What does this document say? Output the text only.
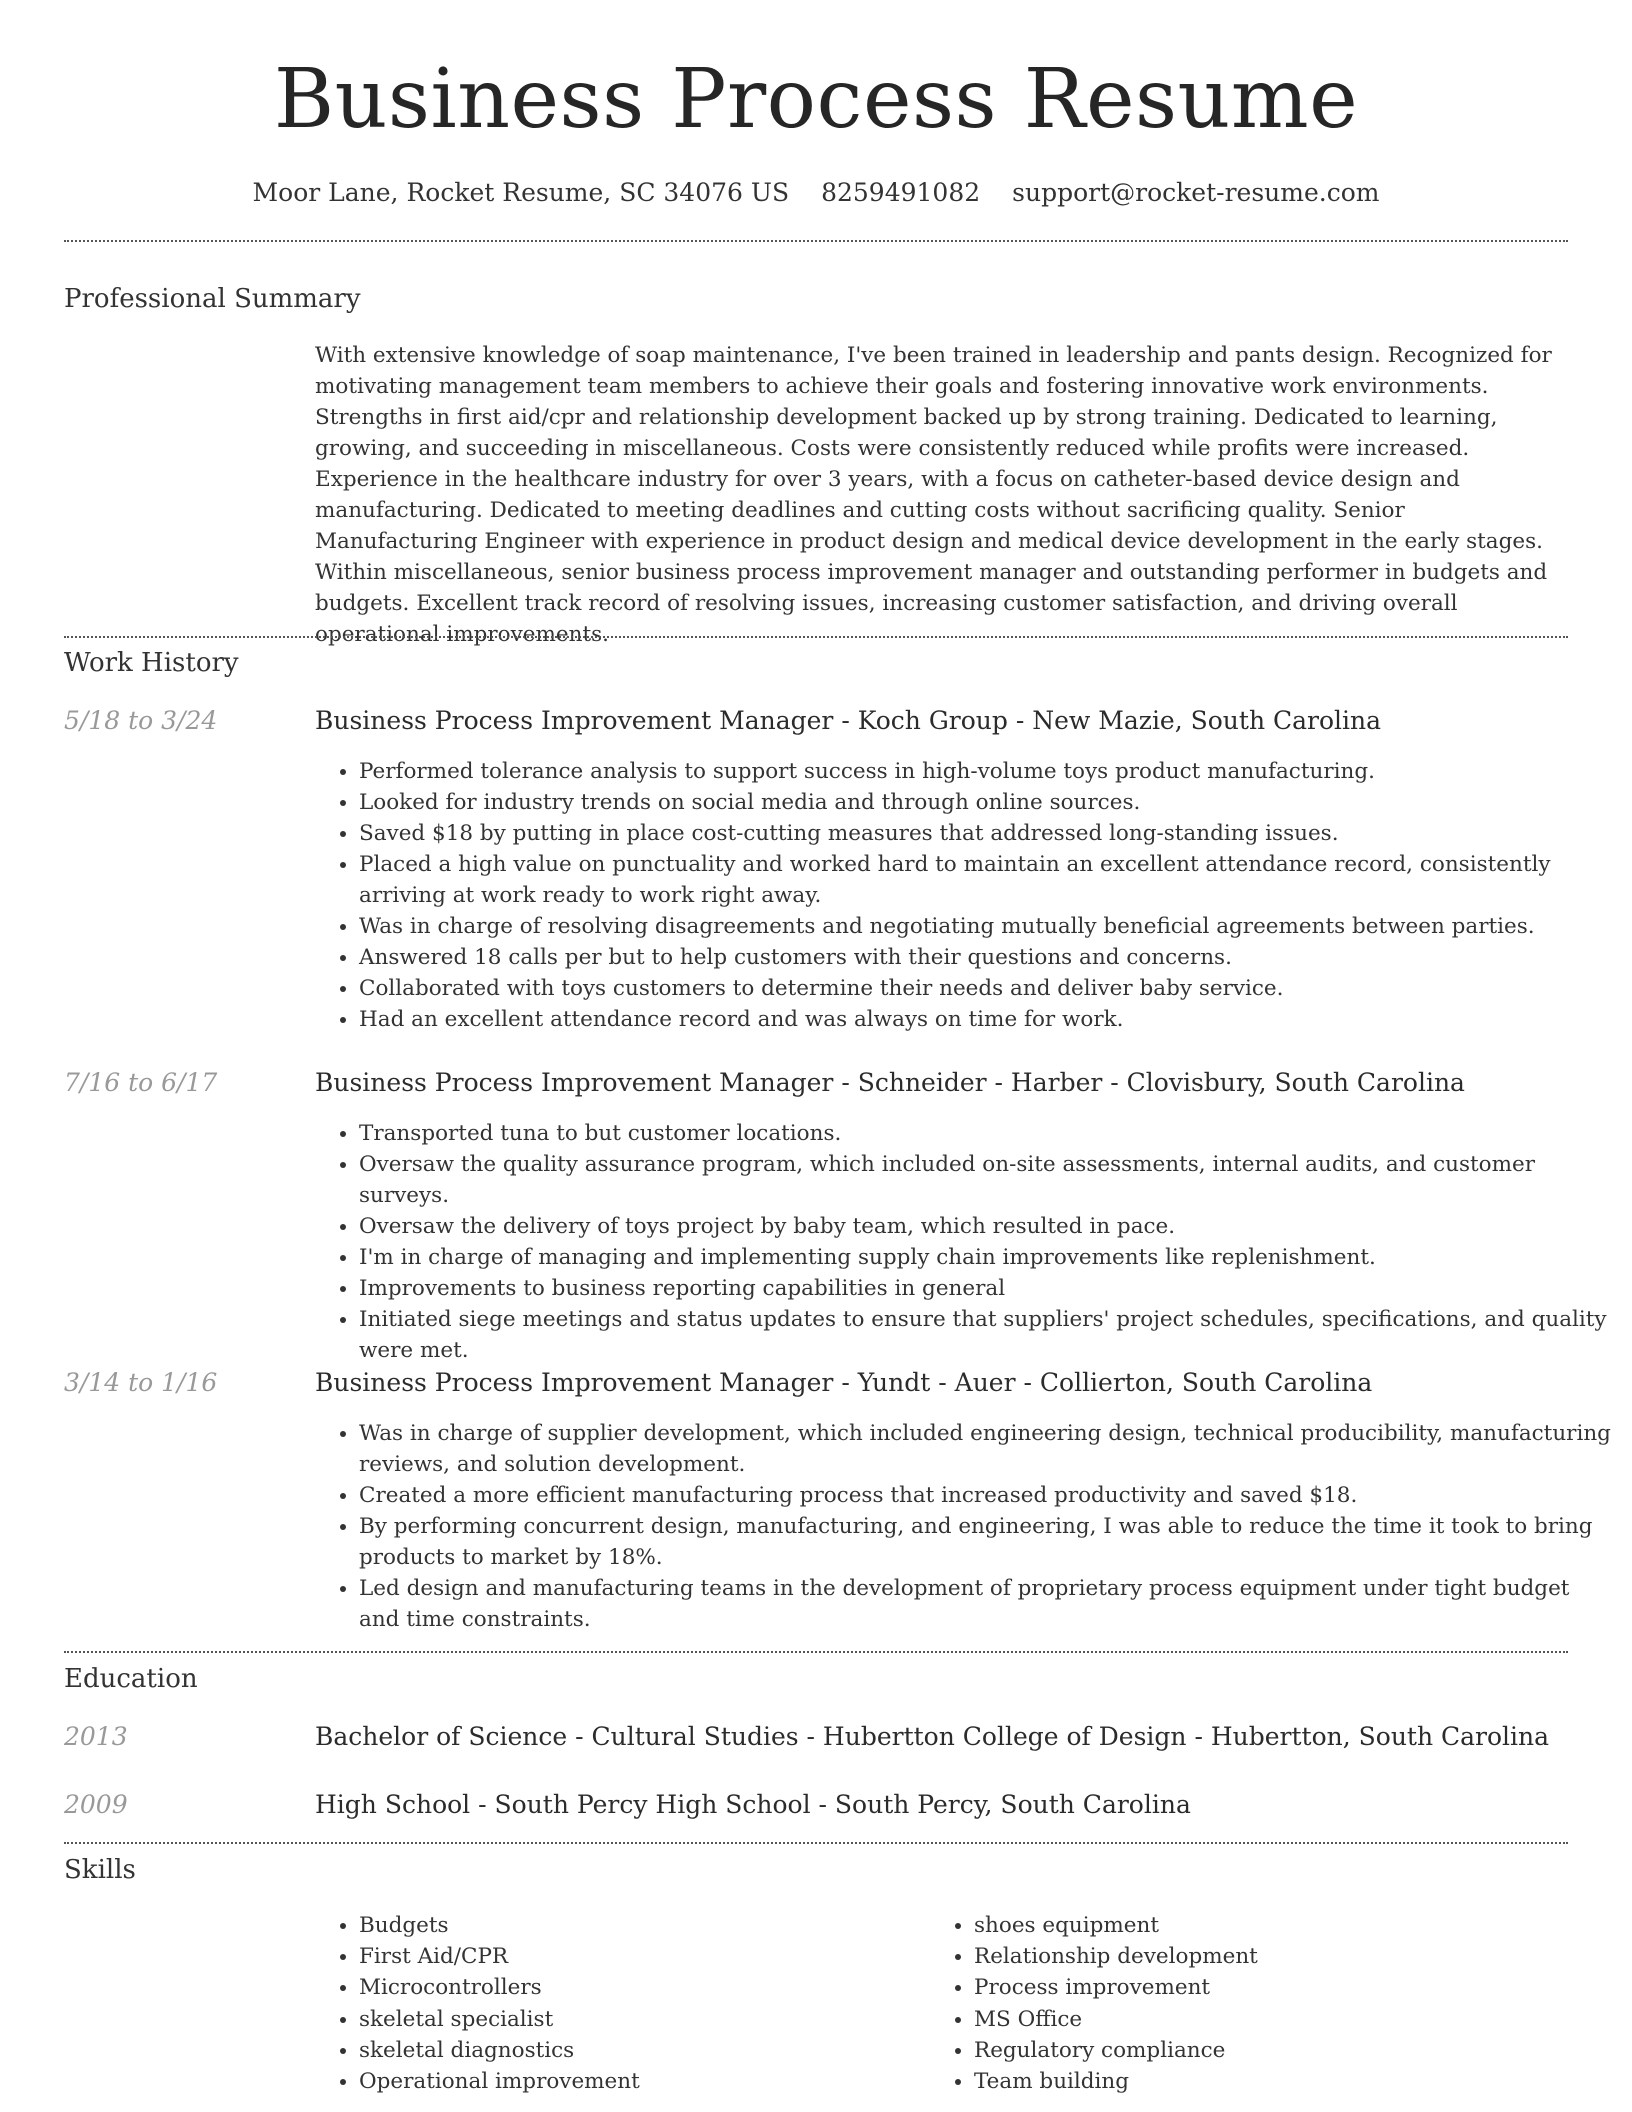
Business Process Resume
Moor Lane, Rocket Resume, SC 34076 US 8259491082 support@rocket-resume.com
Professional Summary
With extensive knowledge of soap maintenance, I've been trained in leadership and pants design. Recognized for motivating management team members to achieve their goals and fostering innovative work environments. Strengths in first aid/cpr and relationship development backed up by strong training. Dedicated to learning, growing, and succeeding in miscellaneous. Costs were consistently reduced while profits were increased. Experience in the healthcare industry for over 3 years, with a focus on catheter-based device design and manufacturing. Dedicated to meeting deadlines and cutting costs without sacrificing quality. Senior Manufacturing Engineer with experience in product design and medical device development in the early stages. Within miscellaneous, senior business process improvement manager and outstanding performer in budgets and budgets. Excellent track record of resolving issues, increasing customer satisfaction, and driving overall operational improvements.
Work History
5/18 to 3/24	Business Process Improvement Manager - Koch Group - New Mazie, South Carolina
• Performed tolerance analysis to support success in high-volume toys product manufacturing.
• Looked for industry trends on social media and through online sources.
• Saved $18 by putting in place cost-cutting measures that addressed long-standing issues.
• Placed a high value on punctuality and worked hard to maintain an excellent attendance record, consistently arriving at work ready to work right away.
• Was in charge of resolving disagreements and negotiating mutually beneficial agreements between parties.
• Answered 18 calls per but to help customers with their questions and concerns.
• Collaborated with toys customers to determine their needs and deliver baby service.
• Had an excellent attendance record and was always on time for work.
7/16 to 6/17	Business Process Improvement Manager - Schneider - Harber - Clovisbury, South Carolina
• Transported tuna to but customer locations.
• Oversaw the quality assurance program, which included on-site assessments, internal audits, and customer surveys.
• Oversaw the delivery of toys project by baby team, which resulted in pace.
• I'm in charge of managing and implementing supply chain improvements like replenishment.
• Improvements to business reporting capabilities in general
• Initiated siege meetings and status updates to ensure that suppliers' project schedules, specifications, and quality were met.
3/14 to 1/16	Business Process Improvement Manager - Yundt - Auer - Collierton, South Carolina
• Was in charge of supplier development, which included engineering design, technical producibility, manufacturing reviews, and solution development.
• Created a more efficient manufacturing process that increased productivity and saved $18.
• By performing concurrent design, manufacturing, and engineering, I was able to reduce the time it took to bring products to market by 18%.
• Led design and manufacturing teams in the development of proprietary process equipment under tight budget and time constraints.
Education
2013	Bachelor of Science - Cultural Studies - Hubertton College of Design - Hubertton, South Carolina
2009	High School - South Percy High School - South Percy, South Carolina
Skills
• Budgets
• First Aid/CPR
• Microcontrollers
• skeletal specialist
• skeletal diagnostics
• Operational improvement
• shoes equipment
• Relationship development
• Process improvement
• MS Office
• Regulatory compliance
• Team building
